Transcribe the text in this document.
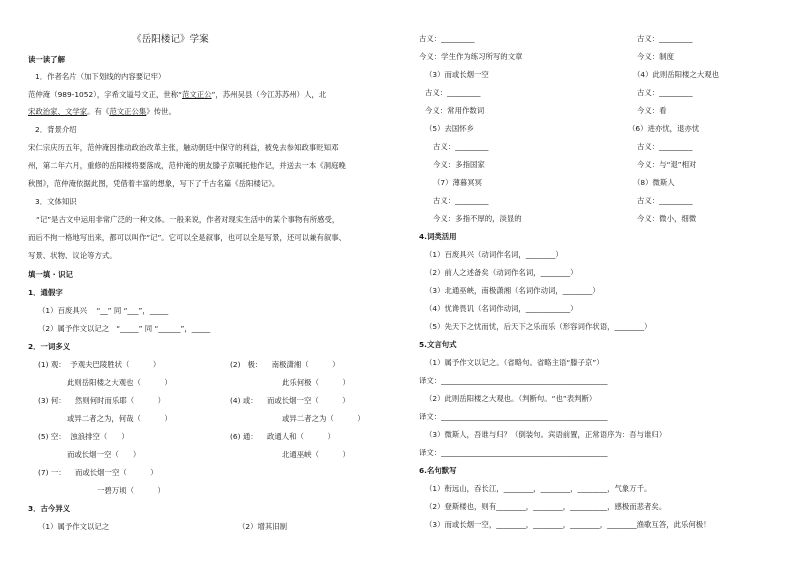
《岳阳楼记》学案
读一读了解
1．作者名片（加下划线的内容要记牢）
范仲淹（989-1052），字希文谥号文正，世称“范文正公”，苏州吴县（今江苏苏州）人，北
宋政治家、文学家。有《范文正公集》传世。
2．背景介绍
宋仁宗庆历五年，范仲淹因推动政治改革主张，触动朝廷中保守的利益，被免去参知政事贬知邓
州，第二年六月，重修的岳阳楼将要落成，范仲淹的朋友滕子京嘱托他作记，并送去一本《洞庭晚
秋图》，范仲淹依据此图，凭借着丰富的想象，写下了千古名篇《岳阳楼记》。
3．文体知识
“记”是古文中运用非常广泛的一种文体。一般来说，作者对现实生活中的某个事物有所感受，
而后不拘一格地写出来，都可以叫作“记”。它可以全是叙事，也可以全是写景，还可以兼有叙事、
写景、状物、议论等方式。
填一填 · 识记
1．通假字
（1）百废具兴    “__” 同 “___”，_____
（2）属予作文以记之   “_____” 同 “______”，_____
2．一词多义
(1) 观：  予观夫巴陵胜状（          ）	(2)   极：    南极潇湘（          ）
此则岳阳楼之大观也（          ）	此乐何极（          ）
(3) 何：    然则何时而乐耶（          ）	(4) 或：    而或长烟一空（          ）
或异二者之为，何哉（          ）	或异二者之为（          ）
(5) 空：  浊浪排空（      ）	(6) 通：    政通人和（          ）
而或长烟一空（      ）	北通巫峡（          ）
(7) 一：    而或长烟一空（          ）
一碧万顷（          ）
3．古今异义
（1）属予作文以记之	（2）增其旧制
古义：_________	古义：_________
今义：学生作为练习所写的文章	今义：制度
（3）而或长烟一空	（4）此则岳阳楼之大观也
古义：_________	古义：_________
今义：常用作数词	今义：看
（5）去国怀乡	（6）进亦忧，退亦忧
古义：_________	古义：_________
今义：多指国家	今义：与“退”相对
（7）薄暮冥冥	（8）微斯人
古义：_________	古义：_________
今义：多指不厚的，淡显的	今义：微小，细微
4.词类活用
（1）百废具兴（动词作名词，________）
（2）前人之述备矣（动词作名词，________）
（3）北通巫峡，南极潇湘（名词作动词，________）
（4）忧谗畏讥（名词作动词，____________）
（5）先天下之忧而忧，后天下之乐而乐（形容词作状语，________）
5.文言句式
（1）属予作文以记之。（省略句。省略主语“滕子京”）
译文：_____________________________________________
（2）此则岳阳楼之大观也。（判断句。“也”表判断）
译文：_____________________________________________
（3）微斯人，吾谁与归？（倒装句。宾语前置，正常语序为：吾与谁归）
译文：_____________________________________________
6.名句默写
（1）衔远山，吞长江，________，________，________，气象万千。
（2）登斯楼也，则有________，________，__________，感极而悲者矣。
（3）而或长烟一空，________，________，________，________渔歌互答，此乐何极！
